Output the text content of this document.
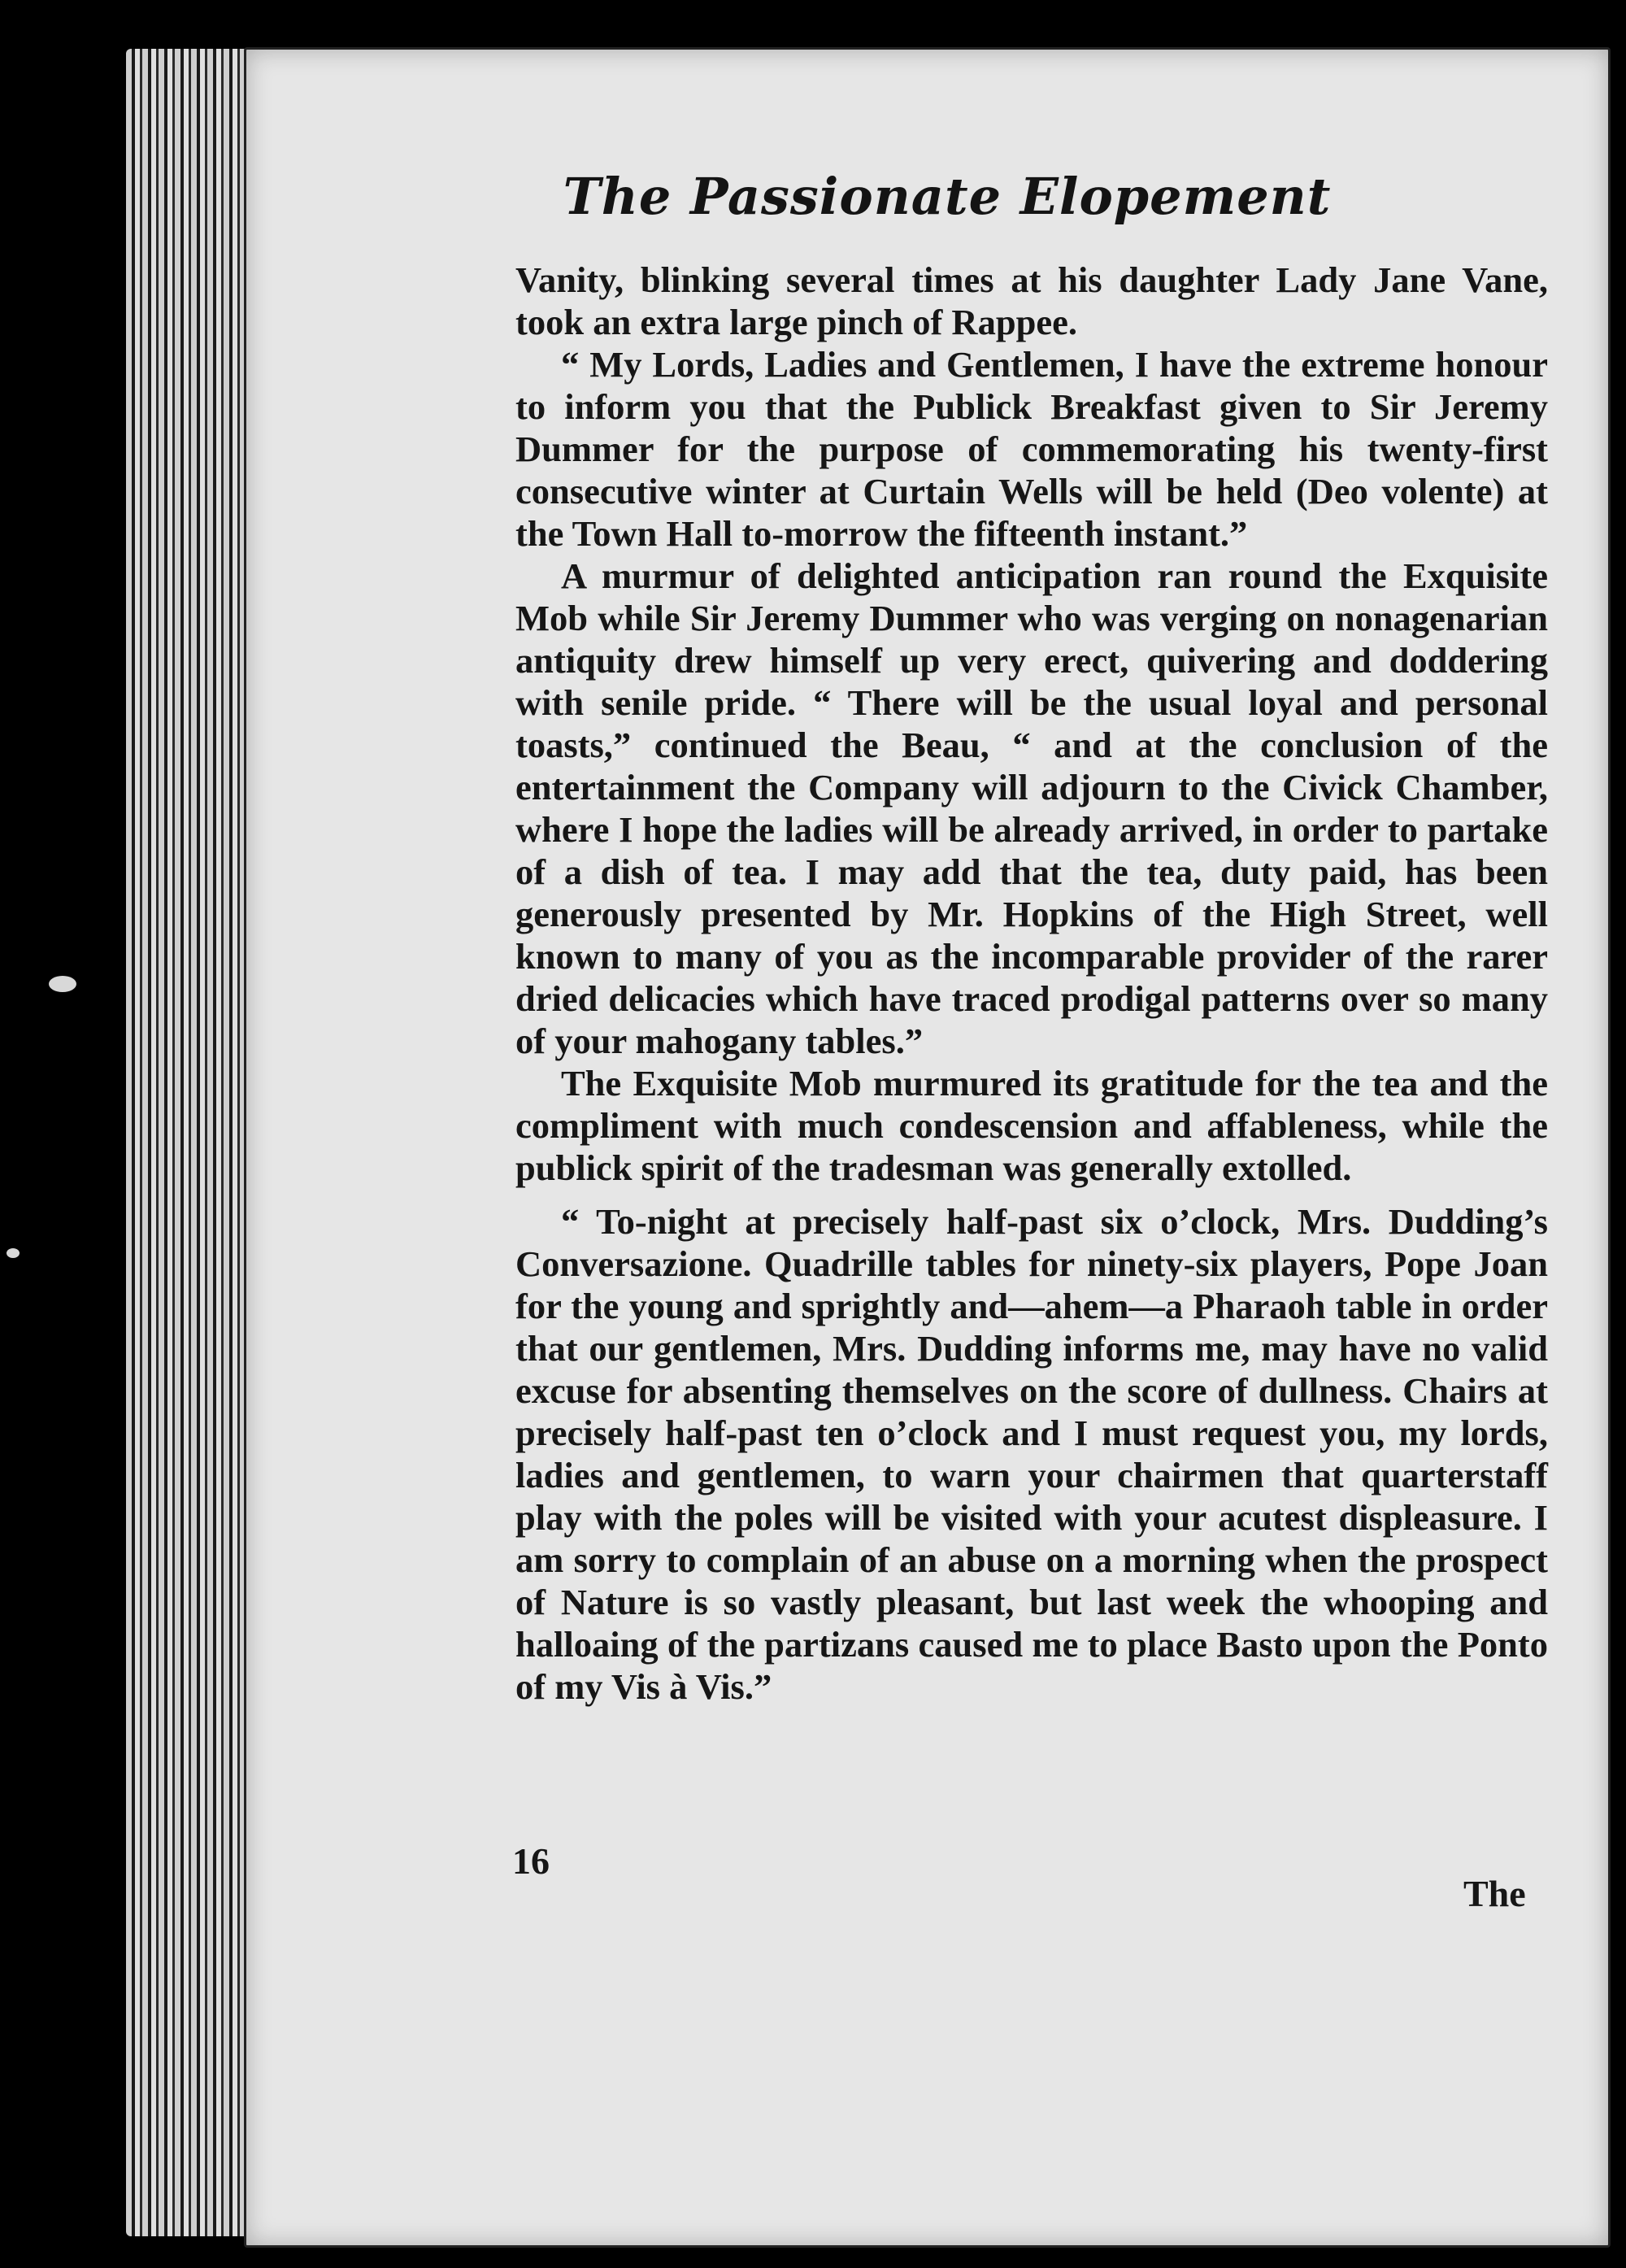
The Passionate Elopement

Vanity, blinking several times at his daughter Lady Jane Vane, took an extra large pinch of Rappee.

“ My Lords, Ladies and Gentlemen, I have the extreme honour to inform you that the Publick Breakfast given to Sir Jeremy Dummer for the purpose of commemorating his twenty-first consecutive winter at Curtain Wells will be held (Deo volente) at the Town Hall to-morrow the fifteenth instant.”

A murmur of delighted anticipation ran round the Exquisite Mob while Sir Jeremy Dummer who was verging on nonagenarian antiquity drew himself up very erect, quivering and doddering with senile pride. “ There will be the usual loyal and personal toasts,” continued the Beau, “ and at the conclusion of the entertainment the Company will adjourn to the Civick Chamber, where I hope the ladies will be already arrived, in order to partake of a dish of tea. I may add that the tea, duty paid, has been generously presented by Mr. Hopkins of the High Street, well known to many of you as the incomparable provider of the rarer dried delicacies which have traced prodigal patterns over so many of your mahogany tables.”

The Exquisite Mob murmured its gratitude for the tea and the compliment with much condescension and affableness, while the publick spirit of the tradesman was generally extolled.

“ To-night at precisely half-past six o’clock, Mrs. Dudding’s Conversazione. Quadrille tables for ninety-six players, Pope Joan for the young and sprightly and—ahem—a Pharaoh table in order that our gentlemen, Mrs. Dudding informs me, may have no valid excuse for absenting themselves on the score of dullness. Chairs at precisely half-past ten o’clock and I must request you, my lords, ladies and gentlemen, to warn your chairmen that quarterstaff play with the poles will be visited with your acutest displeasure. I am sorry to complain of an abuse on a morning when the prospect of Nature is so vastly pleasant, but last week the whooping and halloaing of the partizans caused me to place Basto upon the Ponto of my Vis à Vis.”

16
The
